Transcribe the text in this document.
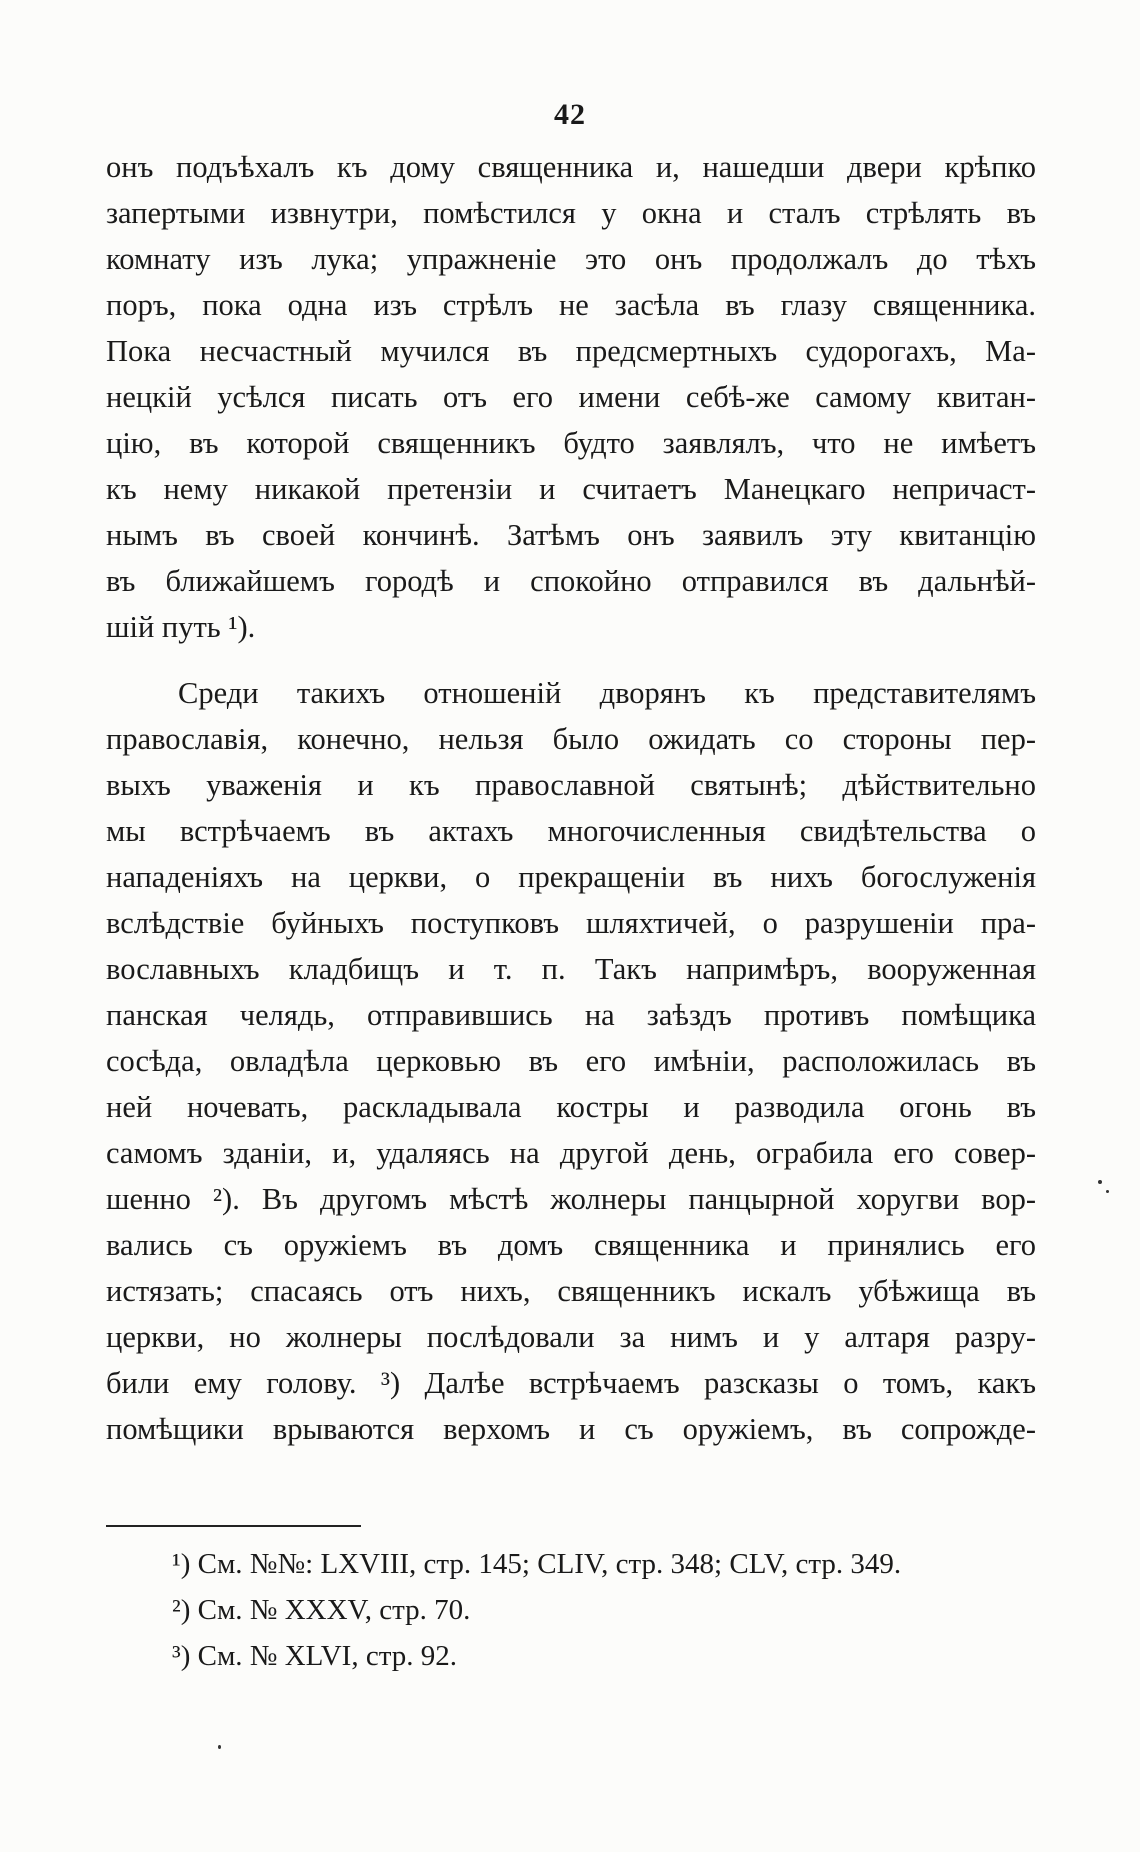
42
онъ подъѣхалъ къ дому священника и, нашедши двери крѣпко
запертыми извнутри, помѣстился у окна и сталъ стрѣлять въ
комнату изъ лука; упражненіе это онъ продолжалъ до тѣхъ
поръ, пока одна изъ стрѣлъ не засѣла въ глазу священника.
Пока несчастный мучился въ предсмертныхъ судорогахъ, Ма-
нецкій усѣлся писать отъ его имени себѣ-же самому квитан-
цію, въ которой священникъ будто заявлялъ, что не имѣетъ
къ нему никакой претензіи и считаетъ Манецкаго непричаст-
нымъ въ своей кончинѣ. Затѣмъ онъ заявилъ эту квитанцію
въ ближайшемъ городѣ и спокойно отправился въ дальнѣй-
шій путь ¹).
Среди такихъ отношеній дворянъ къ представителямъ
православія, конечно, нельзя было ожидать со стороны пер-
выхъ уваженія и къ православной святынѣ; дѣйствительно
мы встрѣчаемъ въ актахъ многочисленныя свидѣтельства о
нападеніяхъ на церкви, о прекращеніи въ нихъ богослуженія
вслѣдствіе буйныхъ поступковъ шляхтичей, о разрушеніи пра-
вославныхъ кладбищъ и т. п. Такъ напримѣръ, вооруженная
панская челядь, отправившись на заѣздъ противъ помѣщика
сосѣда, овладѣла церковью въ его имѣніи, расположилась въ
ней ночевать, раскладывала костры и разводила огонь въ
самомъ зданіи, и, удаляясь на другой день, ограбила его совер-
шенно ²). Въ другомъ мѣстѣ жолнеры панцырной хоругви вор-
вались съ оружіемъ въ домъ священника и принялись его
истязать; спасаясь отъ нихъ, священникъ искалъ убѣжища въ
церкви, но жолнеры послѣдовали за нимъ и у алтаря разру-
били ему голову. ³) Далѣе встрѣчаемъ разсказы о томъ, какъ
помѣщики врываются верхомъ и съ оружіемъ, въ сопрожде-
¹) См. №№: LXVIII, стр. 145; CLIV, стр. 348; CLV, стр. 349.
²) См. № XXXV, стр. 70.
³) См. № XLVI, стр. 92.
